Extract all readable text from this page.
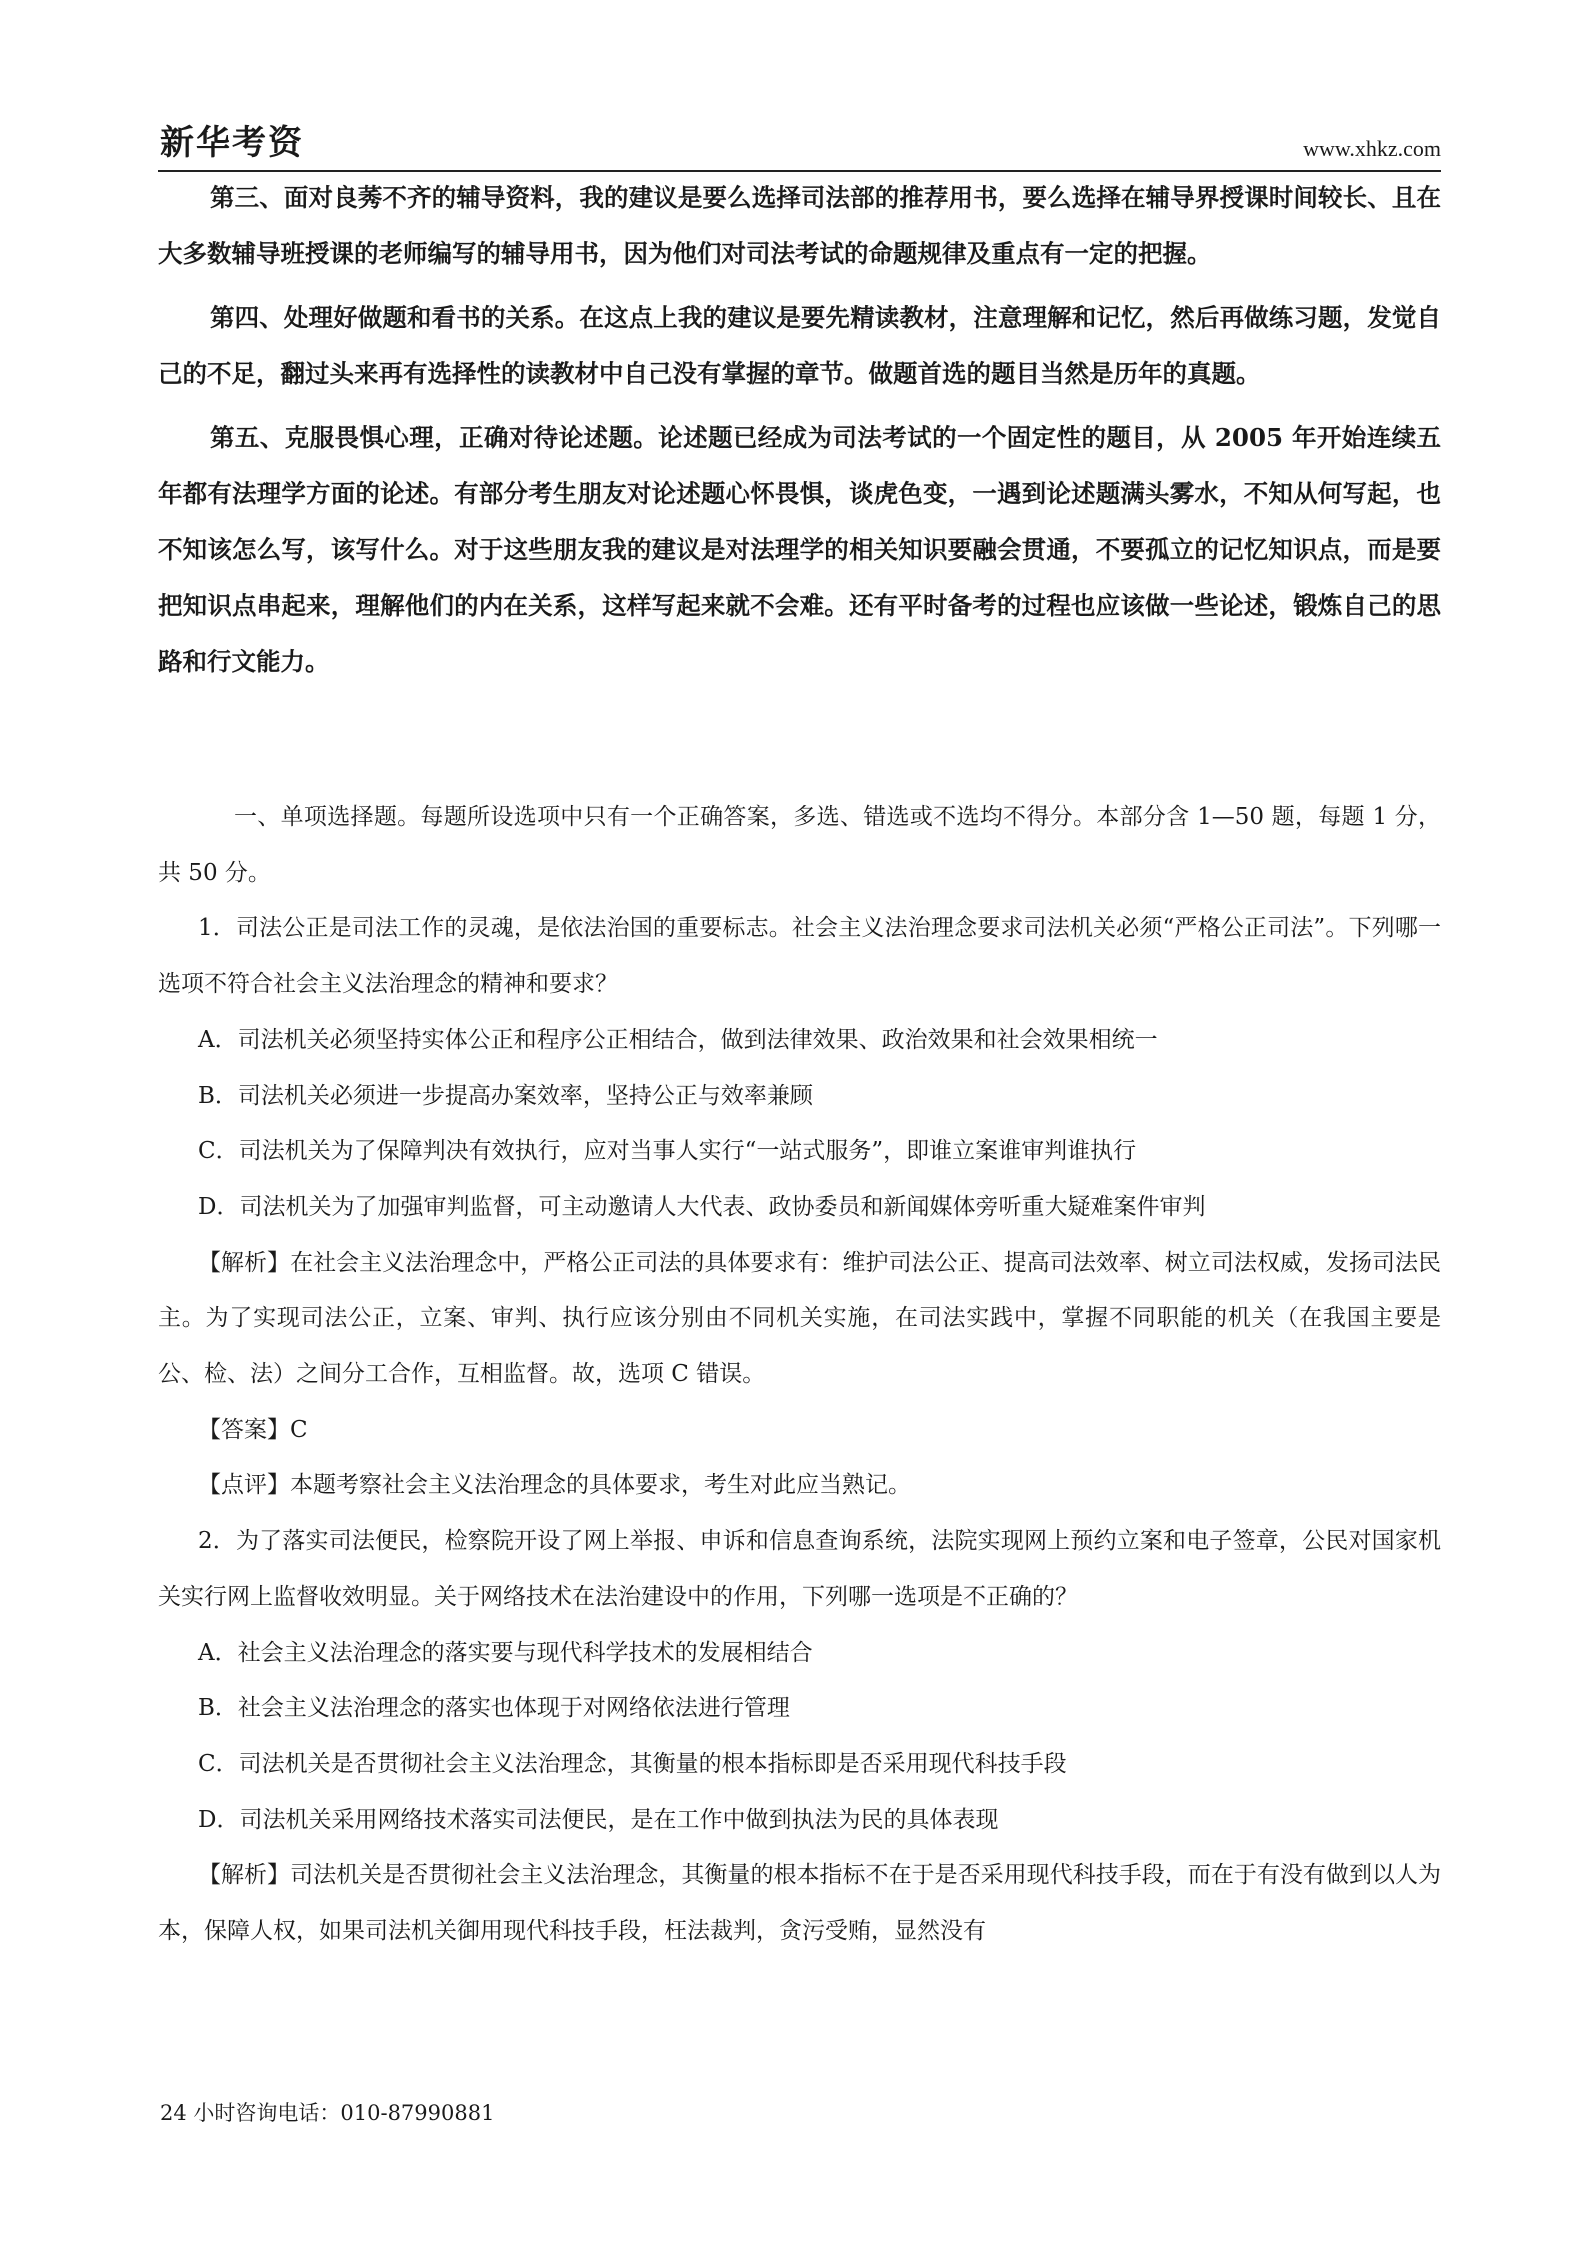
新华考资	www.xhkz.com

第三、面对良莠不齐的辅导资料，我的建议是要么选择司法部的推荐用书，要么选择在辅导界授课时间较长、且在大多数辅导班授课的老师编写的辅导用书，因为他们对司法考试的命题规律及重点有一定的把握。

第四、处理好做题和看书的关系。在这点上我的建议是要先精读教材，注意理解和记忆，然后再做练习题，发觉自己的不足，翻过头来再有选择性的读教材中自己没有掌握的章节。做题首选的题目当然是历年的真题。

第五、克服畏惧心理，正确对待论述题。论述题已经成为司法考试的一个固定性的题目，从 2005 年开始连续五年都有法理学方面的论述。有部分考生朋友对论述题心怀畏惧，谈虎色变，一遇到论述题满头雾水，不知从何写起，也不知该怎么写，该写什么。对于这些朋友我的建议是对法理学的相关知识要融会贯通，不要孤立的记忆知识点，而是要把知识点串起来，理解他们的内在关系，这样写起来就不会难。还有平时备考的过程也应该做一些论述，锻炼自己的思路和行文能力。

一、单项选择题。每题所设选项中只有一个正确答案，多选、错选或不选均不得分。本部分含 1—50 题，每题 1 分，共 50 分。

1．司法公正是司法工作的灵魂，是依法治国的重要标志。社会主义法治理念要求司法机关必须“严格公正司法”。下列哪一选项不符合社会主义法治理念的精神和要求？

A．司法机关必须坚持实体公正和程序公正相结合，做到法律效果、政治效果和社会效果相统一

B．司法机关必须进一步提高办案效率，坚持公正与效率兼顾

C．司法机关为了保障判决有效执行，应对当事人实行“一站式服务”，即谁立案谁审判谁执行

D．司法机关为了加强审判监督，可主动邀请人大代表、政协委员和新闻媒体旁听重大疑难案件审判

【解析】在社会主义法治理念中，严格公正司法的具体要求有：维护司法公正、提高司法效率、树立司法权威，发扬司法民主。为了实现司法公正，立案、审判、执行应该分别由不同机关实施，在司法实践中，掌握不同职能的机关（在我国主要是公、检、法）之间分工合作，互相监督。故，选项 C 错误。

【答案】C

【点评】本题考察社会主义法治理念的具体要求，考生对此应当熟记。

2．为了落实司法便民，检察院开设了网上举报、申诉和信息查询系统，法院实现网上预约立案和电子签章，公民对国家机关实行网上监督收效明显。关于网络技术在法治建设中的作用，下列哪一选项是不正确的？

A．社会主义法治理念的落实要与现代科学技术的发展相结合

B．社会主义法治理念的落实也体现于对网络依法进行管理

C．司法机关是否贯彻社会主义法治理念，其衡量的根本指标即是否采用现代科技手段

D．司法机关采用网络技术落实司法便民，是在工作中做到执法为民的具体表现

【解析】司法机关是否贯彻社会主义法治理念，其衡量的根本指标不在于是否采用现代科技手段，而在于有没有做到以人为本，保障人权，如果司法机关御用现代科技手段，枉法裁判，贪污受贿，显然没有

24 小时咨询电话：010-87990881
